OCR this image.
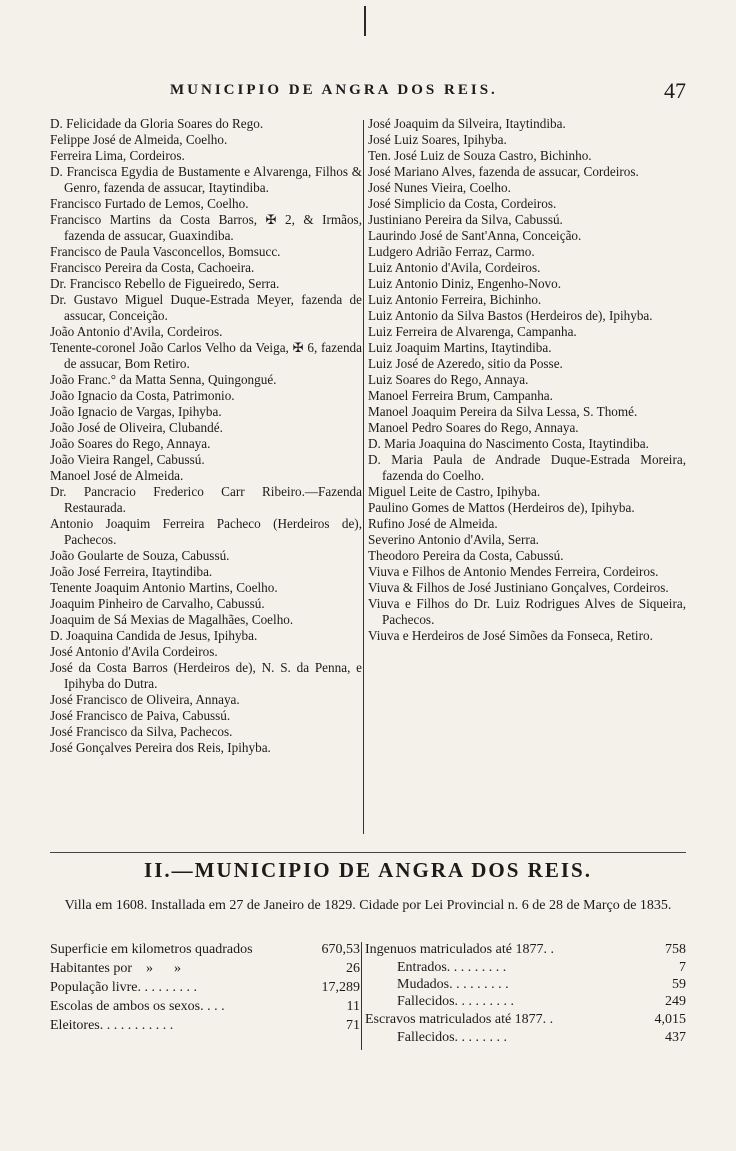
MUNICIPIO DE ANGRA DOS REIS.	47

D. Felicidade da Gloria Soares do Rego.

Felippe José de Almeida, Coelho.

Ferreira Lima, Cordeiros.

D. Francisca Egydia de Bustamente e Alvarenga, Filhos & Genro, fazenda de assucar, Itaytindiba.

Francisco Furtado de Lemos, Coelho.

Francisco Martins da Costa Barros, ✠ 2, & Irmãos, fazenda de assucar, Guaxindiba.

Francisco de Paula Vasconcellos, Bomsucc.

Francisco Pereira da Costa, Cachoeira.

Dr. Francisco Rebello de Figueiredo, Serra.

Dr. Gustavo Miguel Duque-Estrada Meyer, fazenda de assucar, Conceição.

João Antonio d'Avila, Cordeiros.

Tenente-coronel João Carlos Velho da Veiga, ✠ 6, fazenda de assucar, Bom Retiro.

João Franc.° da Matta Senna, Quingongué.

João Ignacio da Costa, Patrimonio.

João Ignacio de Vargas, Ipihyba.

João José de Oliveira, Clubandé.

João Soares do Rego, Annaya.

João Vieira Rangel, Cabussú.

Manoel José de Almeida.

Dr. Pancracio Frederico Carr Ribeiro.—Fazenda Restaurada.

Antonio Joaquim Ferreira Pacheco (Herdeiros de), Pachecos.

João Goularte de Souza, Cabussú.

João José Ferreira, Itaytindiba.

Tenente Joaquim Antonio Martins, Coelho.

Joaquim Pinheiro de Carvalho, Cabussú.

Joaquim de Sá Mexias de Magalhães, Coelho.

D. Joaquina Candida de Jesus, Ipihyba.

José Antonio d'Avila Cordeiros.

José da Costa Barros (Herdeiros de), N. S. da Penna, e Ipihyba do Dutra.

José Francisco de Oliveira, Annaya.

José Francisco de Paiva, Cabussú.

José Francisco da Silva, Pachecos.

José Gonçalves Pereira dos Reis, Ipihyba.

José Joaquim da Silveira, Itaytindiba.

José Luiz Soares, Ipihyba.

Ten. José Luiz de Souza Castro, Bichinho.

José Mariano Alves, fazenda de assucar, Cordeiros.

José Nunes Vieira, Coelho.

José Simplicio da Costa, Cordeiros.

Justiniano Pereira da Silva, Cabussú.

Laurindo José de Sant'Anna, Conceição.

Ludgero Adrião Ferraz, Carmo.

Luiz Antonio d'Avila, Cordeiros.

Luiz Antonio Diniz, Engenho-Novo.

Luiz Antonio Ferreira, Bichinho.

Luiz Antonio da Silva Bastos (Herdeiros de), Ipihyba.

Luiz Ferreira de Alvarenga, Campanha.

Luiz Joaquim Martins, Itaytindiba.

Luiz José de Azeredo, sitio da Posse.

Luiz Soares do Rego, Annaya.

Manoel Ferreira Brum, Campanha.

Manoel Joaquim Pereira da Silva Lessa, S. Thomé.

Manoel Pedro Soares do Rego, Annaya.

D. Maria Joaquina do Nascimento Costa, Itaytindiba.

D. Maria Paula de Andrade Duque-Estrada Moreira, fazenda do Coelho.

Miguel Leite de Castro, Ipihyba.

Paulino Gomes de Mattos (Herdeiros de), Ipihyba.

Rufino José de Almeida.

Severino Antonio d'Avila, Serra.

Theodoro Pereira da Costa, Cabussú.

Viuva e Filhos de Antonio Mendes Ferreira, Cordeiros.

Viuva & Filhos de José Justiniano Gonçalves, Cordeiros.

Viuva e Filhos do Dr. Luiz Rodrigues Alves de Siqueira, Pachecos.

Viuva e Herdeiros de José Simões da Fonseca, Retiro.

II.—MUNICIPIO DE ANGRA DOS REIS.
Villa em 1608. Installada em 27 de Janeiro de 1829. Cidade por Lei Provincial n. 6 de 28 de Março de 1835.
Superficie em kilometros quadrados	670,53
Habitantes por    »      »	26
População livre. . . . . . . . .	17,289
Escolas de ambos os sexos. . . .	11
Eleitores. . . . . . . . . . .	71
Ingenuos matriculados até 1877. .	758
Entrados. . . . . . . . .	7
Mudados. . . . . . . . .	59
Fallecidos. . . . . . . . .	249
Escravos matriculados até 1877. .	4,015
Fallecidos. . . . . . . .	437
